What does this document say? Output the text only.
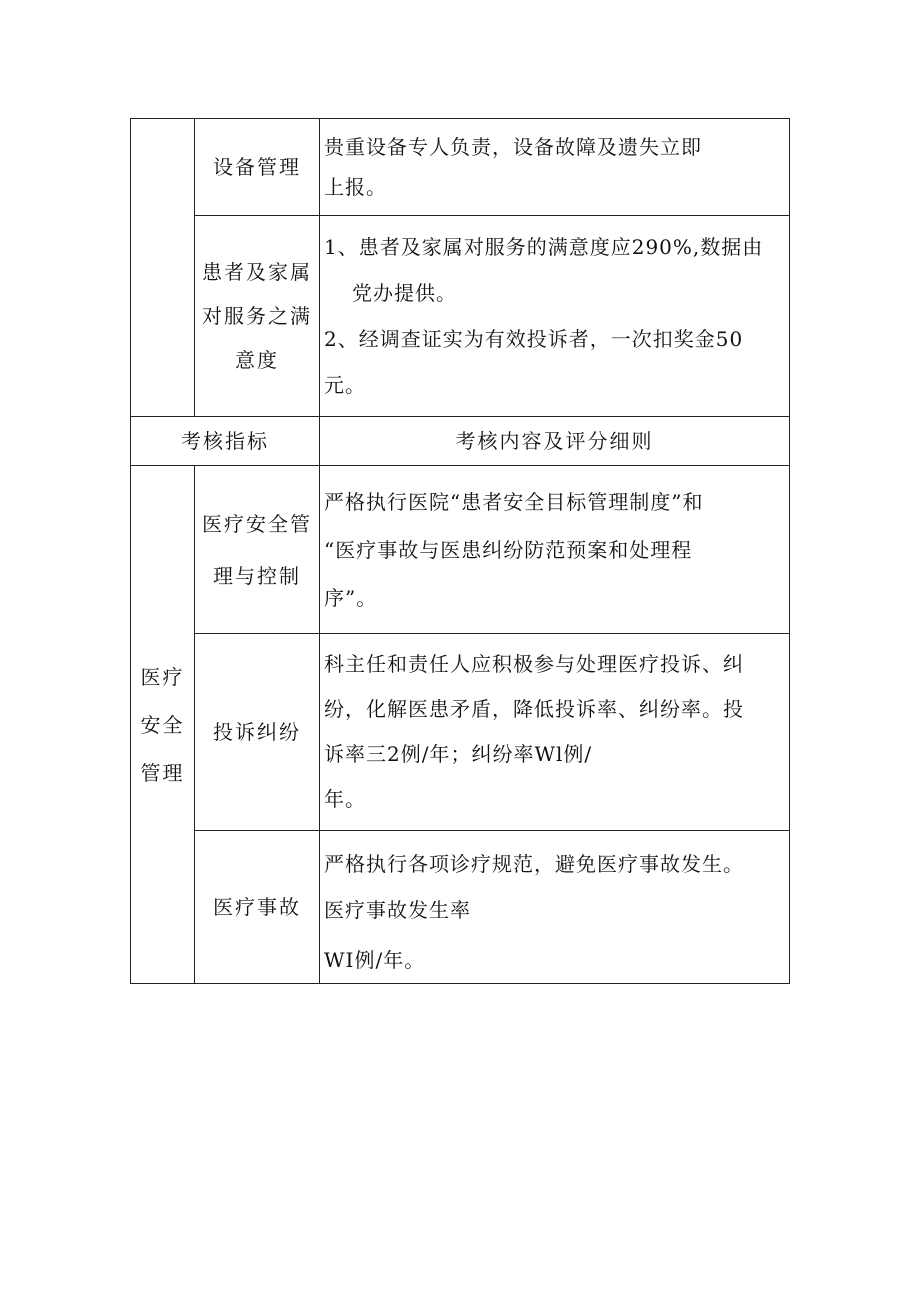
	设备管理	贵重设备专人负责，设备故障及遗失立即
上报。

	患者及家属
对服务之满
意度	1、患者及家属对服务的满意度应290%,数据由
党办提供。
2、经调查证实为有效投诉者，一次扣奖金50
元。

考核指标		考核内容及评分细则

医疗
安全
管理	医疗安全管
理与控制	严格执行医院“患者安全目标管理制度”和
“医疗事故与医患纠纷防范预案和处理程
序”。

	投诉纠纷	科主任和责任人应积极参与处理医疗投诉、纠
纷，化解医患矛盾，降低投诉率、纠纷率。投
诉率三2例/年；纠纷率Wl例/
年。

	医疗事故	严格执行各项诊疗规范，避免医疗事故发生。
医疗事故发生率
WI例/年。
